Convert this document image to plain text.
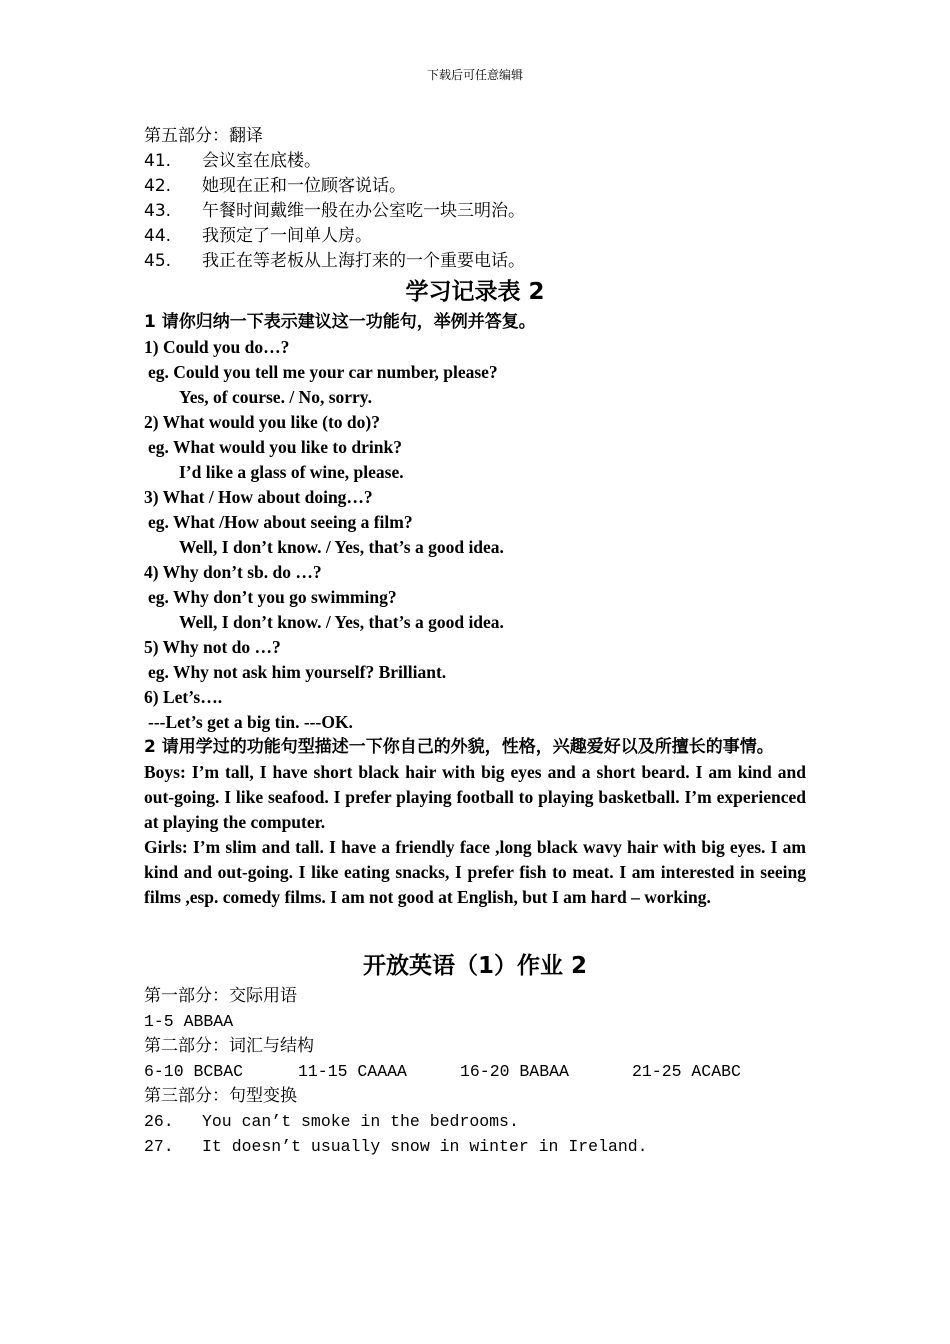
下载后可任意编辑
第五部分：翻译
41. 会议室在底楼。
42. 她现在正和一位顾客说话。
43. 午餐时间戴维一般在办公室吃一块三明治。
44. 我预定了一间单人房。
45. 我正在等老板从上海打来的一个重要电话。
学习记录表 2
1 请你归纳一下表示建议这一功能句，举例并答复。
1) Could you do…?
eg. Could you tell me your car number, please?
Yes, of course. / No, sorry.
2) What would you like (to do)?
eg. What would you like to drink?
I’d like a glass of wine, please.
3) What / How about doing…?
eg. What /How about seeing a film?
Well, I don’t know. / Yes, that’s a good idea.
4) Why don’t sb. do …?
eg. Why don’t you go swimming?
Well, I don’t know. / Yes, that’s a good idea.
5) Why not do …?
eg. Why not ask him yourself? Brilliant.
6) Let’s….
---Let’s get a big tin. ---OK.
2 请用学过的功能句型描述一下你自己的外貌，性格，兴趣爱好以及所擅长的事情。
Boys: I’m tall, I have short black hair with big eyes and a short beard. I am kind and out-going. I like seafood. I prefer playing football to playing basketball. I’m experienced at playing the computer.
Girls: I’m slim and tall. I have a friendly face ,long black wavy hair with big eyes. I am kind and out-going. I like eating snacks, I prefer fish to meat. I am interested in seeing films ,esp. comedy films. I am not good at English, but I am hard – working.
开放英语（1）作业 2
第一部分：交际用语
1-5 ABBAA
第二部分：词汇与结构
6-10 BCBAC	11-15 CAAAA	16-20 BABAA	21-25 ACABC
第三部分：句型变换
26. You can’t smoke in the bedrooms.
27. It doesn’t usually snow in winter in Ireland.
